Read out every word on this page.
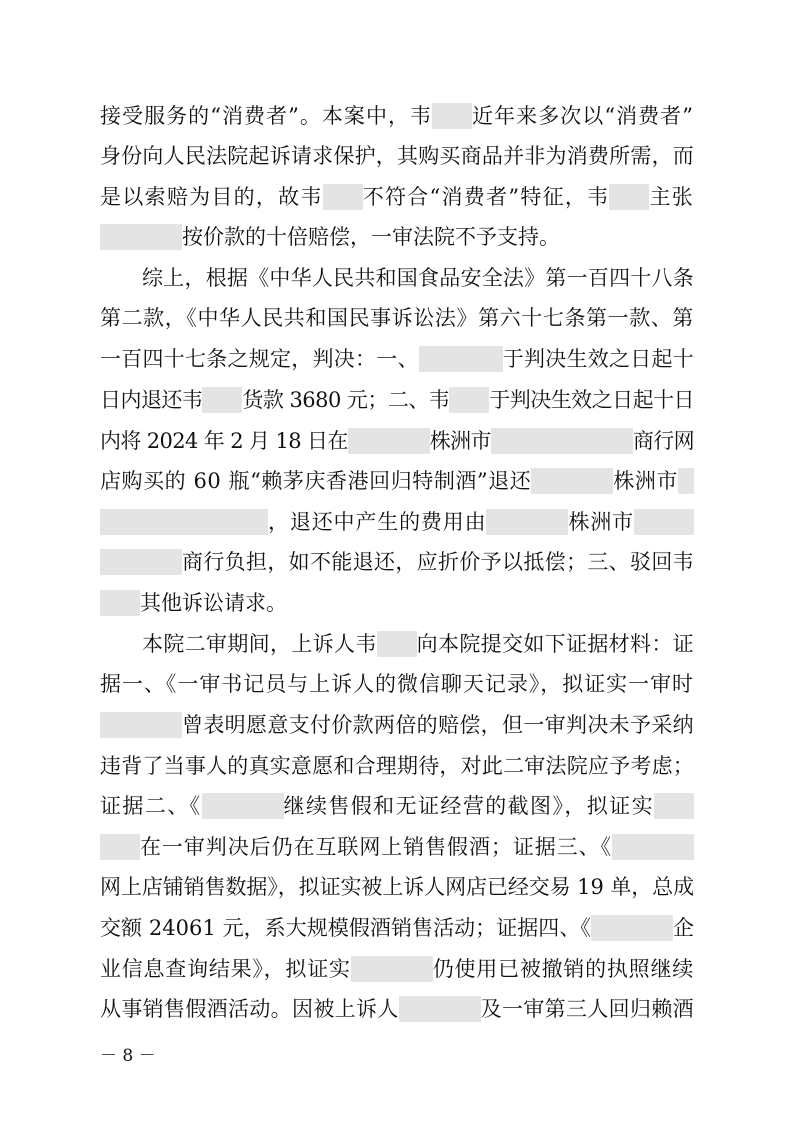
接受服务的“消费者”。本案中，韦 近年来多次以“消费者”
身份向人民法院起诉请求保护，其购买商品并非为消费所需，而
是以索赔为目的，故韦 不符合“消费者”特征，韦 主张
按价款的十倍赔偿，一审法院不予支持。
综上，根据《中华人民共和国食品安全法》第一百四十八条
第二款，《中华人民共和国民事诉讼法》第六十七条第一款、第
一百四十七条之规定，判决：一、	于判决生效之日起十
日内退还韦 货款 3680 元；二、韦 于判决生效之日起十日
内将 2024 年 2 月 18 日在	株洲市	商行网
店购买的 60 瓶“赖茅庆香港回归特制酒”退还	株洲市
，退还中产生的费用由	株洲市
商行负担，如不能退还，应折价予以抵偿；三、驳回韦
其他诉讼请求。
本院二审期间，上诉人韦 向本院提交如下证据材料：证
据一、《一审书记员与上诉人的微信聊天记录》，拟证实一审时
曾表明愿意支付价款两倍的赔偿，但一审判决未予采纳
违背了当事人的真实意愿和合理期待，对此二审法院应予考虑；
证据二、《	继续售假和无证经营的截图》，拟证实
在一审判决后仍在互联网上销售假酒；证据三、《
网上店铺销售数据》，拟证实被上诉人网店已经交易 19 单，总成
交额 24061 元，系大规模假酒销售活动；证据四、《	企
业信息查询结果》，拟证实	仍使用已被撤销的执照继续
从事销售假酒活动。因被上诉人	及一审第三人回归赖酒
－ 8 －
